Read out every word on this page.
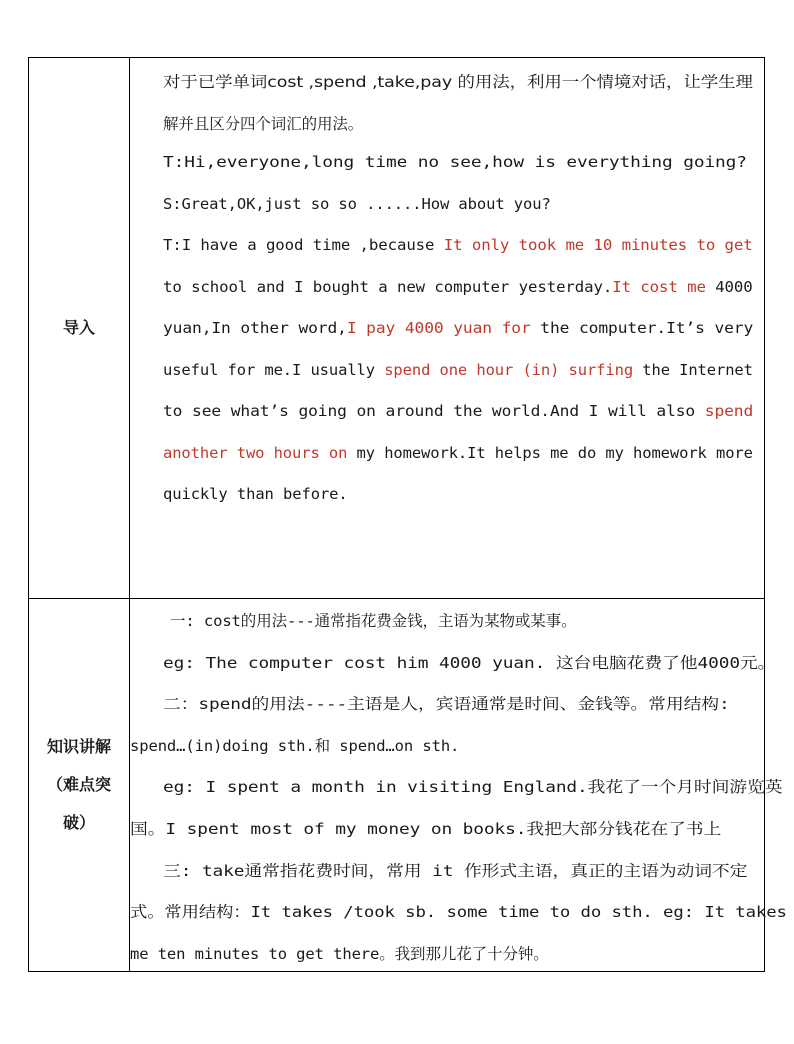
导入
对于已学单词cost ,spend ,take,pay 的用法，利用一个情境对话，让学生理
解并且区分四个词汇的用法。
T:Hi,everyone,long time no see,how is everything going?
S:Great,OK,just so so ......How about you?
T:I have a good time ,because It only took me 10 minutes to get
to school and I bought a new computer yesterday.It cost me 4000
yuan,In other word,I pay 4000 yuan for the computer.It’s very
useful for me.I usually spend one hour (in) surfing the Internet
to see what’s going on around the world.And I will also spend
another two hours on my homework.It helps me do my homework more
quickly than before.
知识讲解
（难点突
破）
一: cost的用法---通常指花费金钱，主语为某物或某事。
eg: The computer cost him 4000 yuan. 这台电脑花费了他4000元。
二：spend的用法----主语是人，宾语通常是时间、金钱等。常用结构:
spend…(in)doing sth.和 spend…on sth.
eg: I spent a month in visiting England.我花了一个月时间游览英
国。I spent most of my money on books.我把大部分钱花在了书上
三: take通常指花费时间，常用 it 作形式主语，真正的主语为动词不定
式。常用结构：It takes /took sb. some time to do sth. eg: It takes
me ten minutes to get there。我到那儿花了十分钟。
